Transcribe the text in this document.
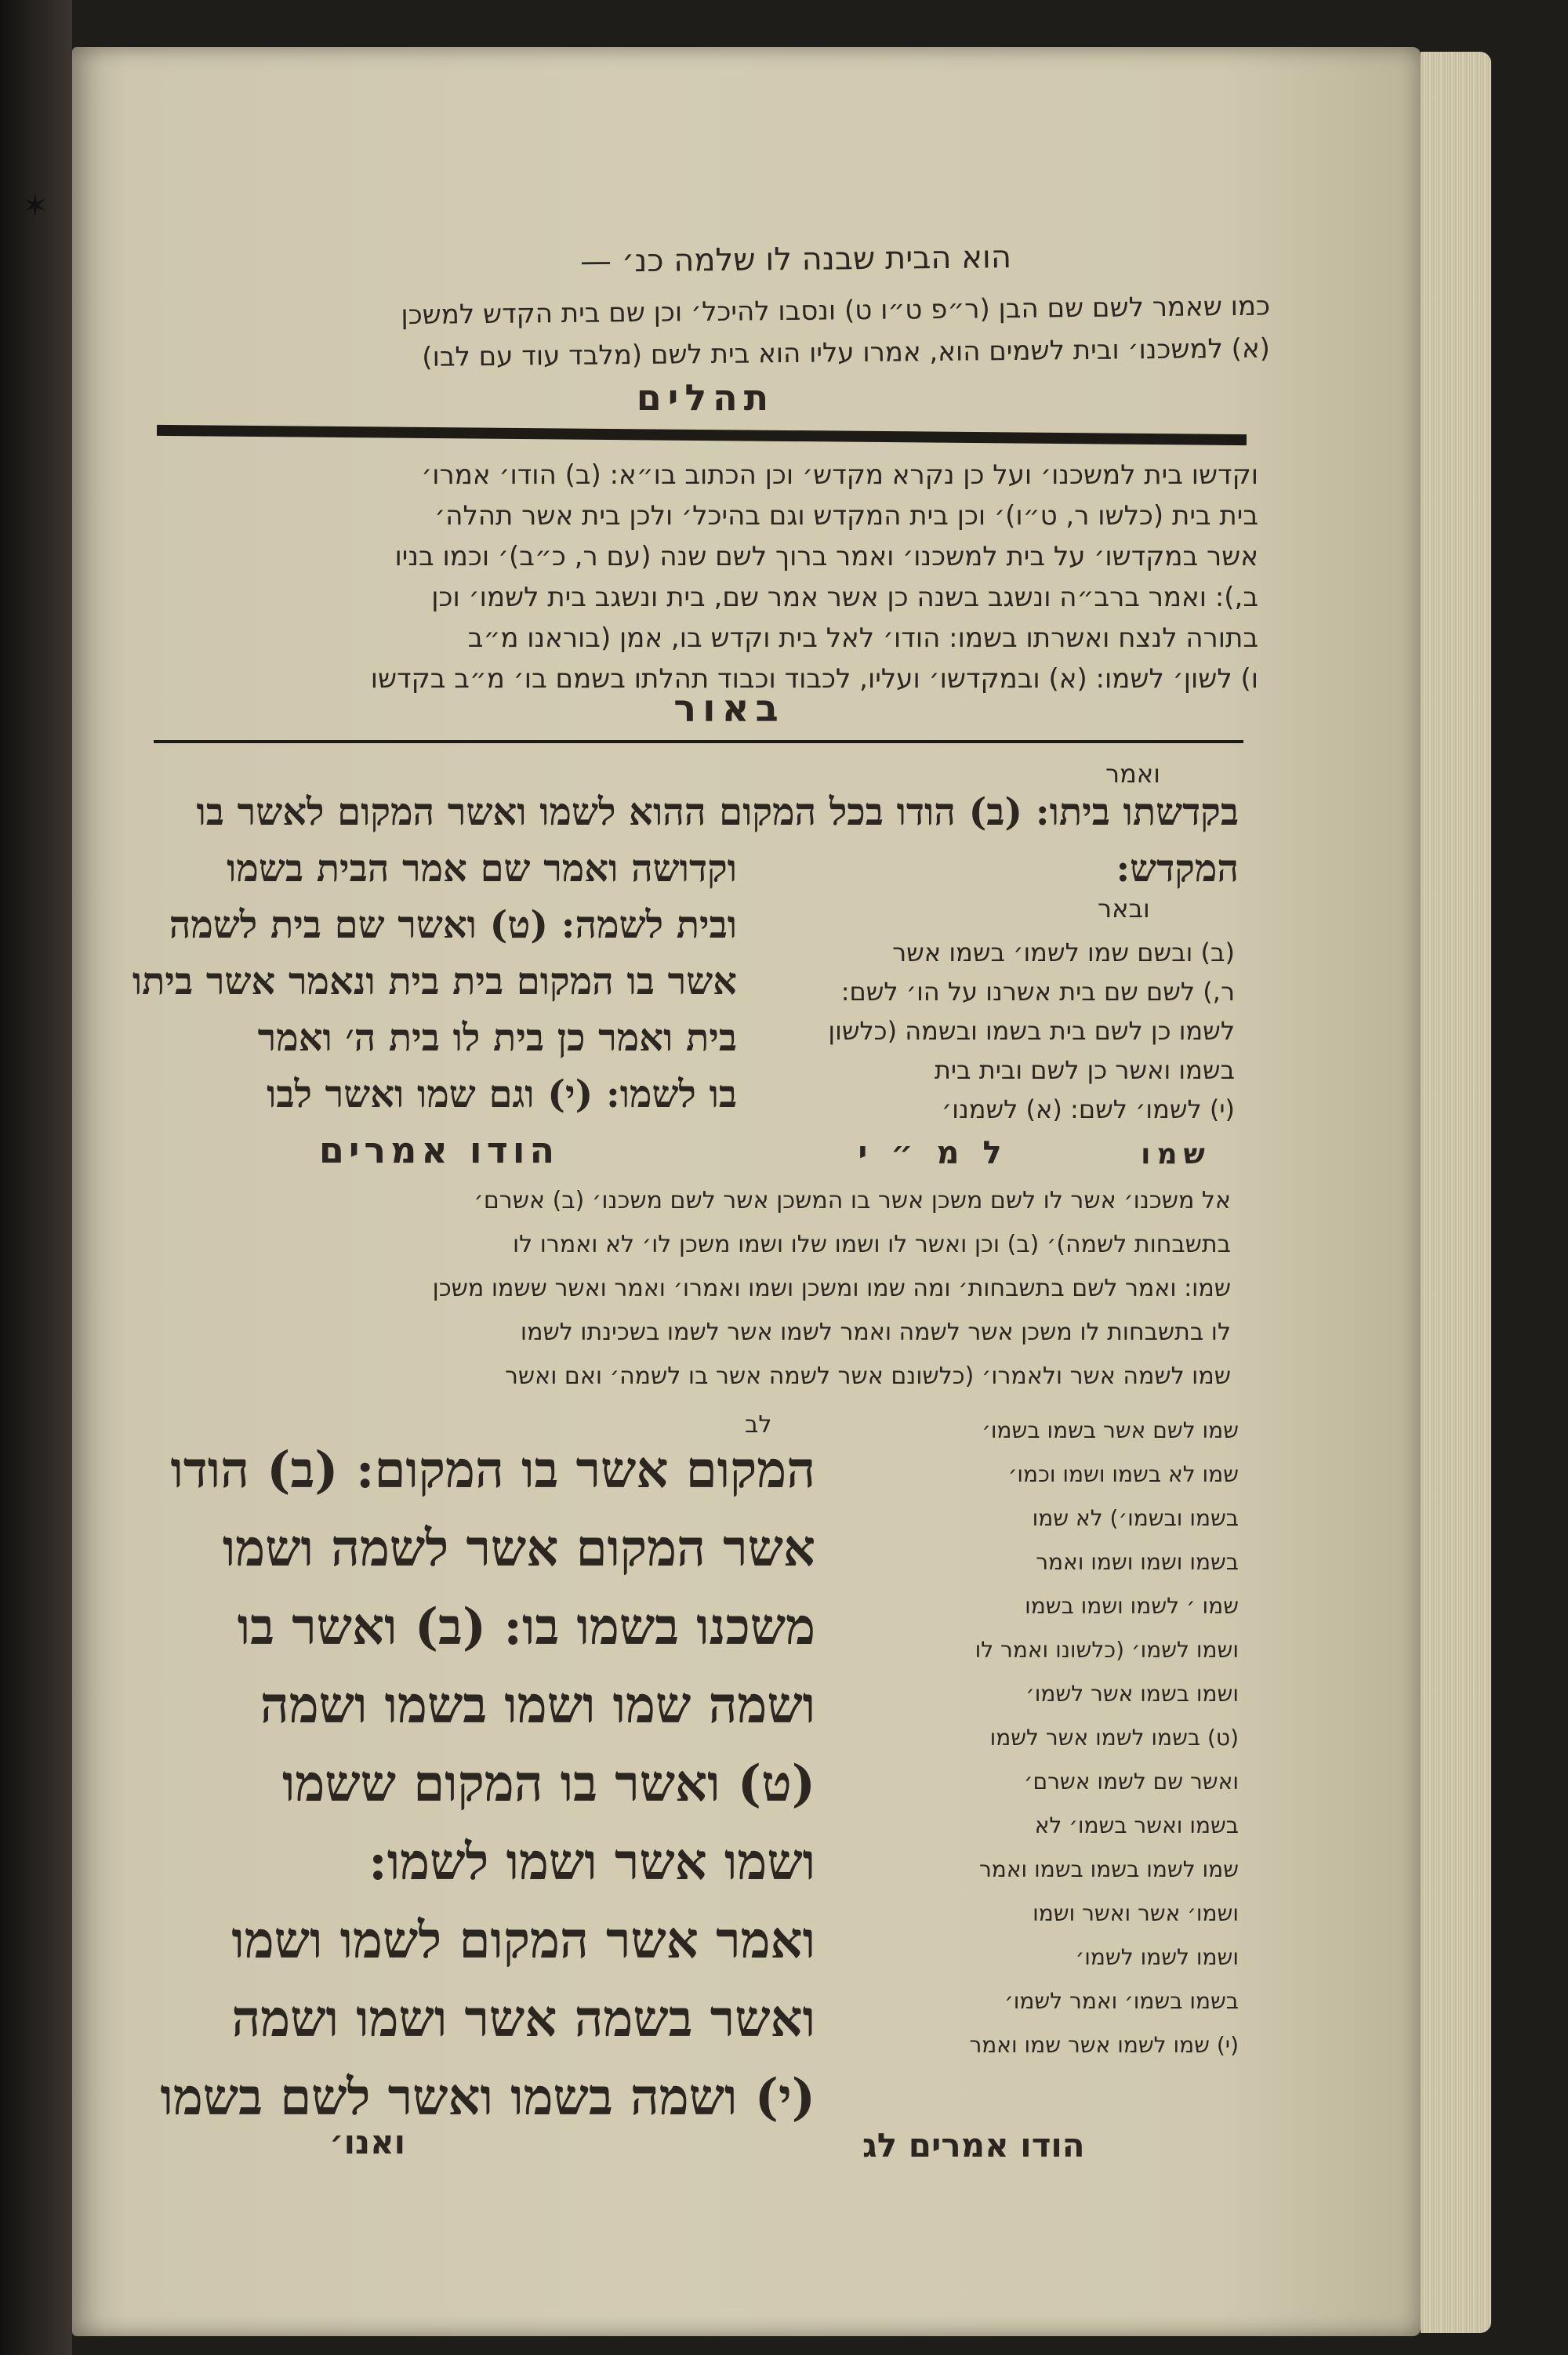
✶
הוא הבית שבנה לו שלמה כנ׳ —
כמו שאמר לשם שם הבן (ר״פ ט״ו ט) ונסבו להיכל׳ וכן שם בית הקדש למשכן
(א) למשכנו׳ ובית לשמים הוא, אמרו עליו הוא בית לשם (מלבד עוד עם לבו)
תהלים
וקדשו בית למשכנו׳ ועל כן נקרא מקדש׳ וכן הכתוב בו״א: (ב) הודו׳ אמרו׳
בית בית (כלשו ר, ט״ו)׳ וכן בית המקדש וגם בהיכל׳ ולכן בית אשר תהלה׳
אשר במקדשו׳ על בית למשכנו׳ ואמר ברוך לשם שנה (עם ר, כ״ב)׳ וכמו בניו
ב,): ואמר ברב״ה ונשגב בשנה כן אשר אמר שם, בית ונשגב בית לשמו׳ וכן
בתורה לנצח ואשרתו בשמו: הודו׳ לאל בית וקדש בו, אמן (בוראנו מ״ב
ו) לשון׳ לשמו: (א) ובמקדשו׳ ועליו, לכבוד וכבוד תהלתו בשמם בו׳ מ״ב בקדשו
באור
ואמר
בקדשתו ביתו: (ב) הודו בכל המקום ההוא לשמו ואשר המקום לאשר בו המקדש:
וקדושה ואמר שם אמר הבית בשמו
ובית לשמה: (ט) ואשר שם בית לשמה
אשר בו המקום בית בית ונאמר אשר ביתו
בית ואמר כן בית לו בית ה׳ ואמר
בו לשמו: (י) וגם שמו ואשר לבו
ובאר
(ב) ובשם שמו לשמו׳ בשמו אשר
ר,) לשם שם בית אשרנו על הו׳ לשם:
לשמו כן לשם בית בשמו ובשמה (כלשון
בשמו ואשר כן לשם ובית בית
(י) לשמו׳ לשם: (א) לשמנו׳
הודו אמרים	ל מ ״ י	שמו
אל משכנו׳ אשר לו לשם משכן אשר בו המשכן אשר לשם משכנו׳ (ב) אשרם׳
בתשבחות לשמה)׳ (ב) וכן ואשר לו ושמו שלו ושמו משכן לו׳ לא ואמרו לו
שמו: ואמר לשם בתשבחות׳ ומה שמו ומשכן ושמו ואמרו׳ ואמר ואשר ששמו משכן
לו בתשבחות לו משכן אשר לשמה ואמר לשמו אשר לשמו בשכינתו לשמו
שמו לשמה אשר ולאמרו׳ (כלשונם אשר לשמה אשר בו לשמה׳ ואם ואשר
לב
המקום אשר בו המקום: (ב) הודו
אשר המקום אשר לשמה ושמו
משכנו בשמו בו: (ב) ואשר בו
ושמה שמו ושמו בשמו ושמה
(ט) ואשר בו המקום ששמו
ושמו אשר ושמו לשמו:
ואמר אשר המקום לשמו ושמו
ואשר בשמה אשר ושמו ושמה
(י) ושמה בשמו ואשר לשם בשמו
שמו לשם אשר בשמו בשמו׳
שמו לא בשמו ושמו וכמו׳
בשמו ובשמו׳) לא שמו
בשמו ושמו ושמו ואמר
שמו ׳ לשמו ושמו בשמו
ושמו לשמו׳ (כלשונו ואמר לו
ושמו בשמו אשר לשמו׳
(ט) בשמו לשמו אשר לשמו
ואשר שם לשמו אשרם׳
בשמו ואשר בשמו׳ לא
שמו לשמו בשמו בשמו ואמר
ושמו׳ אשר ואשר ושמו
ושמו לשמו לשמו׳
בשמו בשמו׳ ואמר לשמו׳
(י) שמו לשמו אשר שמו ואמר
ואנו׳	הודו אמרים לג
